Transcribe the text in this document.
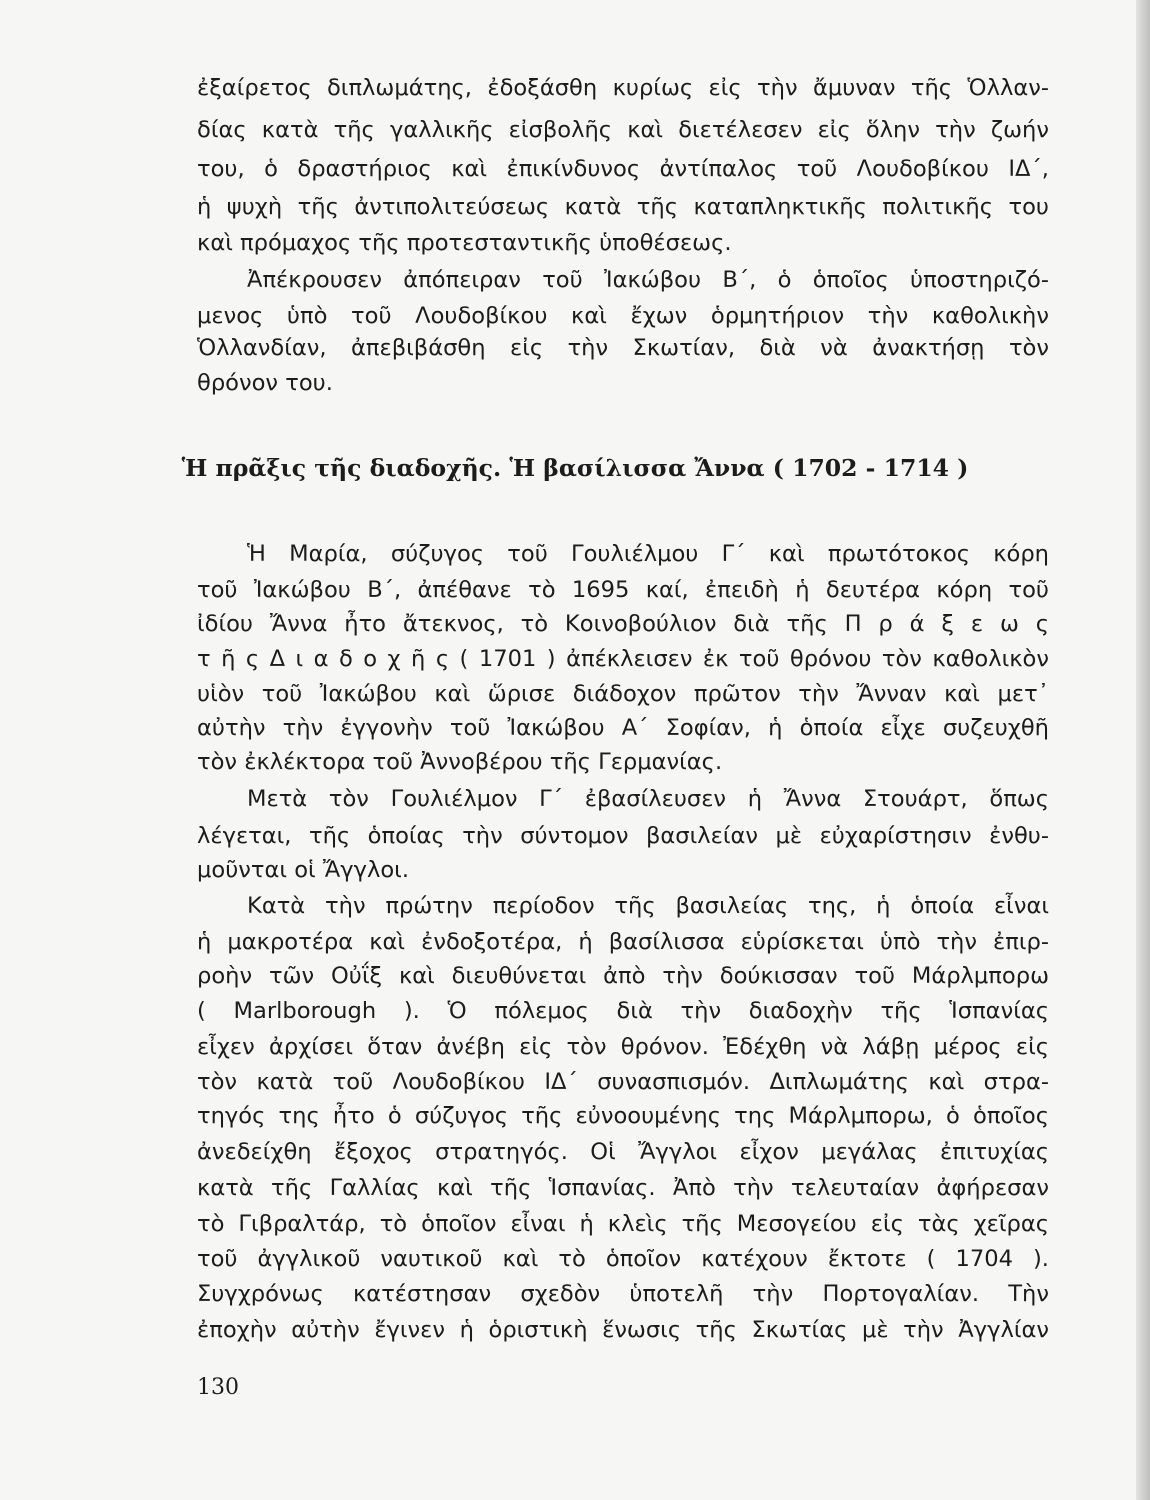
ἐξαίρετος διπλωμάτης, ἐδοξάσθη κυρίως εἰς τὴν ἄμυναν τῆς Ὁλλαν-
δίας κατὰ τῆς γαλλικῆς εἰσβολῆς καὶ διετέλεσεν εἰς ὅλην τὴν ζωήν
του, ὁ δραστήριος καὶ ἐπικίνδυνος ἀντίπαλος τοῦ Λουδοβίκου ΙΔ΄,
ἡ ψυχὴ τῆς ἀντιπολιτεύσεως κατὰ τῆς καταπληκτικῆς πολιτικῆς του
καὶ πρόμαχος τῆς προτεσταντικῆς ὑποθέσεως.
Ἀπέκρουσεν ἀπόπειραν τοῦ Ἰακώβου Β΄, ὁ ὁποῖος ὑποστηριζό-
μενος ὑπὸ τοῦ Λουδοβίκου καὶ ἔχων ὁρμητήριον τὴν καθολικὴν
Ὁλλανδίαν, ἀπεβιβάσθη εἰς τὴν Σκωτίαν, διὰ νὰ ἀνακτήσῃ τὸν
θρόνον του.
Ἡ πρᾶξις τῆς διαδοχῆς. Ἡ βασίλισσα Ἄννα ( 1702 - 1714 )
Ἡ Μαρία, σύζυγος τοῦ Γουλιέλμου Γ΄ καὶ πρωτότοκος κόρη
τοῦ Ἰακώβου Β΄, ἀπέθανε τὸ 1695 καί, ἐπειδὴ ἡ δευτέρα κόρη τοῦ
ἰδίου Ἄννα ἦτο ἄτεκνος, τὸ Κοινοβούλιον διὰ τῆς Π ρ ά ξ ε ω ς
τ ῆ ς Δ ι α δ ο χ ῆ ς ( 1701 ) ἀπέκλεισεν ἐκ τοῦ θρόνου τὸν καθολικὸν
υἱὸν τοῦ Ἰακώβου καὶ ὥρισε διάδοχον πρῶτον τὴν Ἄνναν καὶ μετ᾽
αὐτὴν τὴν ἐγγονὴν τοῦ Ἰακώβου Α΄ Σοφίαν, ἡ ὁποία εἶχε συζευχθῆ
τὸν ἐκλέκτορα τοῦ Ἀννοβέρου τῆς Γερμανίας.
Μετὰ τὸν Γουλιέλμον Γ΄ ἐβασίλευσεν ἡ Ἄννα Στουάρτ, ὅπως
λέγεται, τῆς ὁποίας τὴν σύντομον βασιλείαν μὲ εὐχαρίστησιν ἐνθυ-
μοῦνται οἱ Ἄγγλοι.
Κατὰ τὴν πρώτην περίοδον τῆς βασιλείας της, ἡ ὁποία εἶναι
ἡ μακροτέρα καὶ ἐνδοξοτέρα, ἡ βασίλισσα εὑρίσκεται ὑπὸ τὴν ἐπιρ-
ροὴν τῶν Οὐΐξ καὶ διευθύνεται ἀπὸ τὴν δούκισσαν τοῦ Μάρλμπορω
( Marlborough ). Ὁ πόλεμος διὰ τὴν διαδοχὴν τῆς Ἱσπανίας
εἶχεν ἀρχίσει ὅταν ἀνέβη εἰς τὸν θρόνον. Ἐδέχθη νὰ λάβῃ μέρος εἰς
τὸν κατὰ τοῦ Λουδοβίκου ΙΔ΄ συνασπισμόν. Διπλωμάτης καὶ στρα-
τηγός της ἦτο ὁ σύζυγος τῆς εὐνοουμένης της Μάρλμπορω, ὁ ὁποῖος
ἀνεδείχθη ἔξοχος στρατηγός. Οἱ Ἄγγλοι εἶχον μεγάλας ἐπιτυχίας
κατὰ τῆς Γαλλίας καὶ τῆς Ἱσπανίας. Ἀπὸ τὴν τελευταίαν ἀφήρεσαν
τὸ Γιβραλτάρ, τὸ ὁποῖον εἶναι ἡ κλεὶς τῆς Μεσογείου εἰς τὰς χεῖρας
τοῦ ἀγγλικοῦ ναυτικοῦ καὶ τὸ ὁποῖον κατέχουν ἔκτοτε ( 1704 ).
Συγχρόνως κατέστησαν σχεδὸν ὑποτελῆ τὴν Πορτογαλίαν. Τὴν
ἐποχὴν αὐτὴν ἔγινεν ἡ ὁριστικὴ ἕνωσις τῆς Σκωτίας μὲ τὴν Ἀγγλίαν
130
